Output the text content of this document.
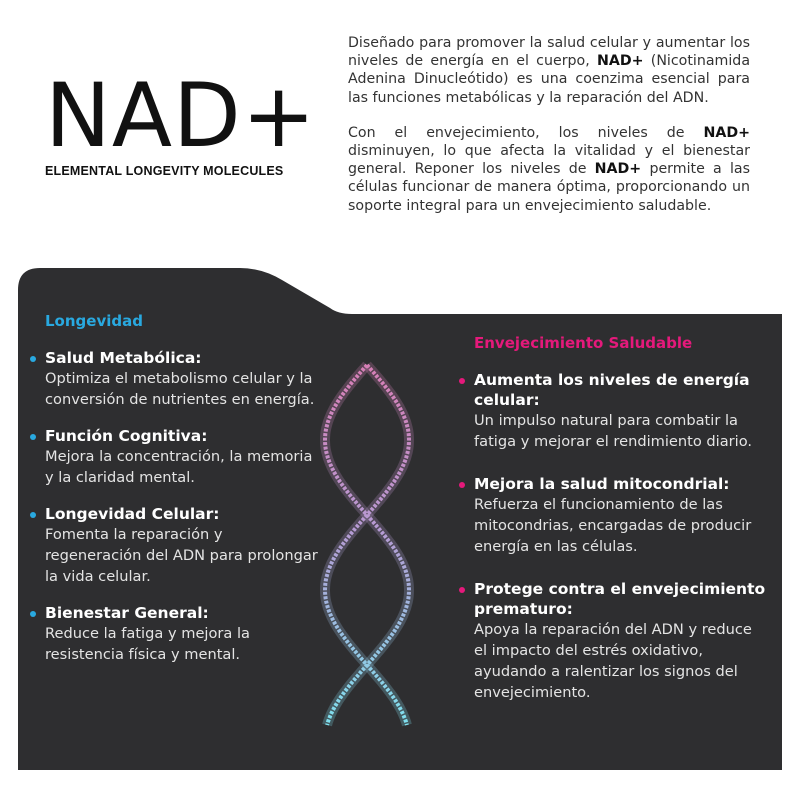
NAD+
ELEMENTAL LONGEVITY MOLECULES

Diseñado para promover la salud celular y aumentar los niveles de energía en el cuerpo, NAD+ (Nicotinamida Adenina Dinucleótido) es una coenzima esencial para las funciones metabólicas y la reparación del ADN.

Con el envejecimiento, los niveles de NAD+ disminuyen, lo que afecta la vitalidad y el bienestar general. Reponer los niveles de NAD+ permite a las células funcionar de manera óptima, proporcionando un soporte integral para un envejecimiento saludable.

Longevidad
Salud Metabólica:
Optimiza el metabolismo celular y la conversión de nutrientes en energía.
Función Cognitiva:
Mejora la concentración, la memoria y la claridad mental.
Longevidad Celular:
Fomenta la reparación y regeneración del ADN para prolongar la vida celular.
Bienestar General:
Reduce la fatiga y mejora la resistencia física y mental.
Envejecimiento Saludable
Aumenta los niveles de energía celular:
Un impulso natural para combatir la fatiga y mejorar el rendimiento diario.
Mejora la salud mitocondrial:
Refuerza el funcionamiento de las mitocondrias, encargadas de producir energía en las células.
Protege contra el envejecimiento prematuro:
Apoya la reparación del ADN y reduce el impacto del estrés oxidativo, ayudando a ralentizar los signos del envejecimiento.
